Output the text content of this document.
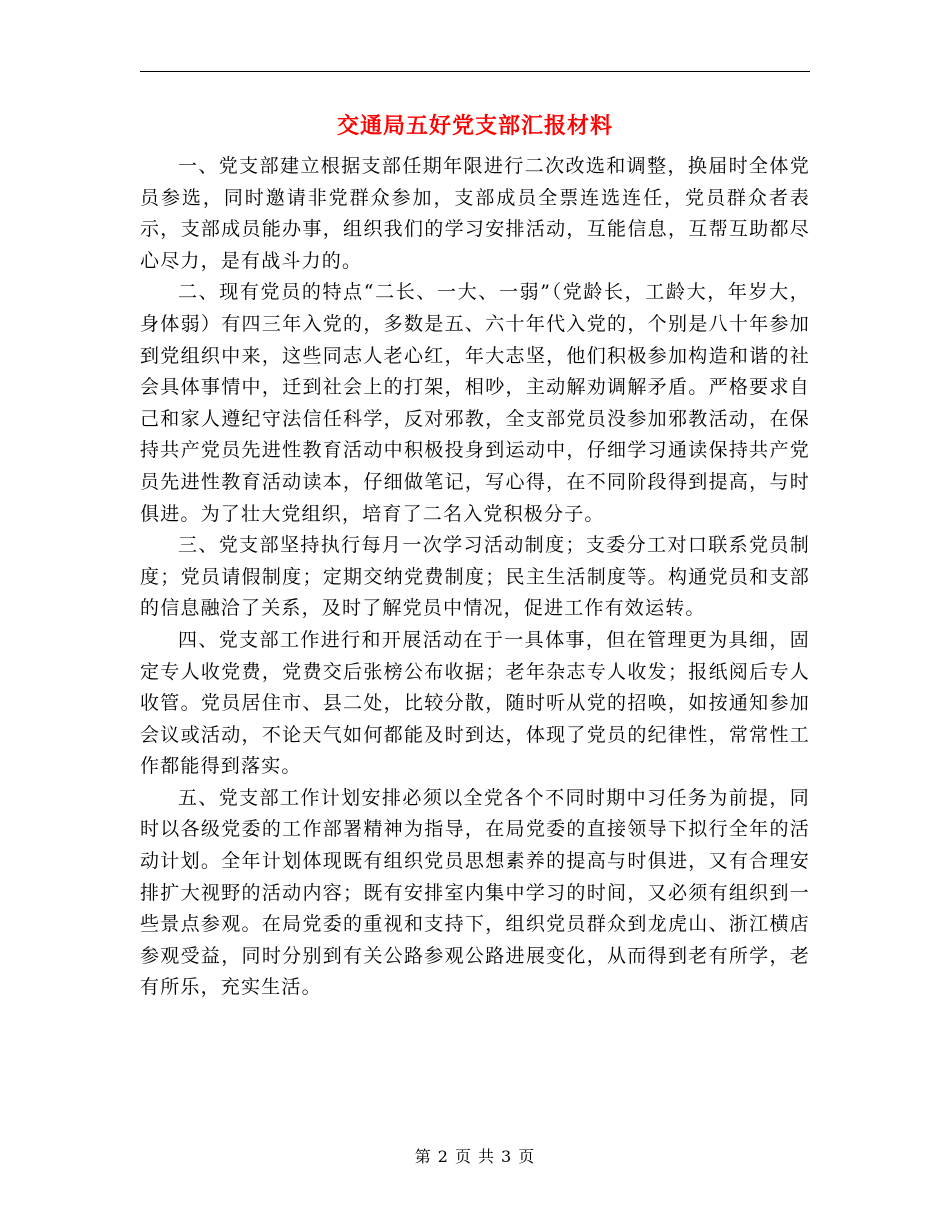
交通局五好党支部汇报材料

一、党支部建立根据支部任期年限进行二次改选和调整，换届时全体党员参选，同时邀请非党群众参加，支部成员全票连选连任，党员群众者表示，支部成员能办事，组织我们的学习安排活动，互能信息，互帮互助都尽心尽力，是有战斗力的。

二、现有党员的特点“二长、一大、一弱”（党龄长，工龄大，年岁大，身体弱）有四三年入党的，多数是五、六十年代入党的，个别是八十年参加到党组织中来，这些同志人老心红，年大志坚，他们积极参加构造和谐的社会具体事情中，迁到社会上的打架，相吵，主动解劝调解矛盾。严格要求自己和家人遵纪守法信任科学，反对邪教，全支部党员没参加邪教活动，在保持共产党员先进性教育活动中积极投身到运动中，仔细学习通读保持共产党员先进性教育活动读本，仔细做笔记，写心得，在不同阶段得到提高，与时俱进。为了壮大党组织，培育了二名入党积极分子。

三、党支部坚持执行每月一次学习活动制度；支委分工对口联系党员制度；党员请假制度；定期交纳党费制度；民主生活制度等。构通党员和支部的信息融洽了关系，及时了解党员中情况，促进工作有效运转。

四、党支部工作进行和开展活动在于一具体事，但在管理更为具细，固定专人收党费，党费交后张榜公布收据；老年杂志专人收发；报纸阅后专人收管。党员居住市、县二处，比较分散，随时听从党的招唤，如按通知参加会议或活动，不论天气如何都能及时到达，体现了党员的纪律性，常常性工作都能得到落实。

五、党支部工作计划安排必须以全党各个不同时期中习任务为前提，同时以各级党委的工作部署精神为指导，在局党委的直接领导下拟行全年的活动计划。全年计划体现既有组织党员思想素养的提高与时俱进，又有合理安排扩大视野的活动内容；既有安排室内集中学习的时间，又必须有组织到一些景点参观。在局党委的重视和支持下，组织党员群众到龙虎山、浙江横店参观受益，同时分别到有关公路参观公路进展变化，从而得到老有所学，老有所乐，充实生活。

第 2 页 共 3 页
